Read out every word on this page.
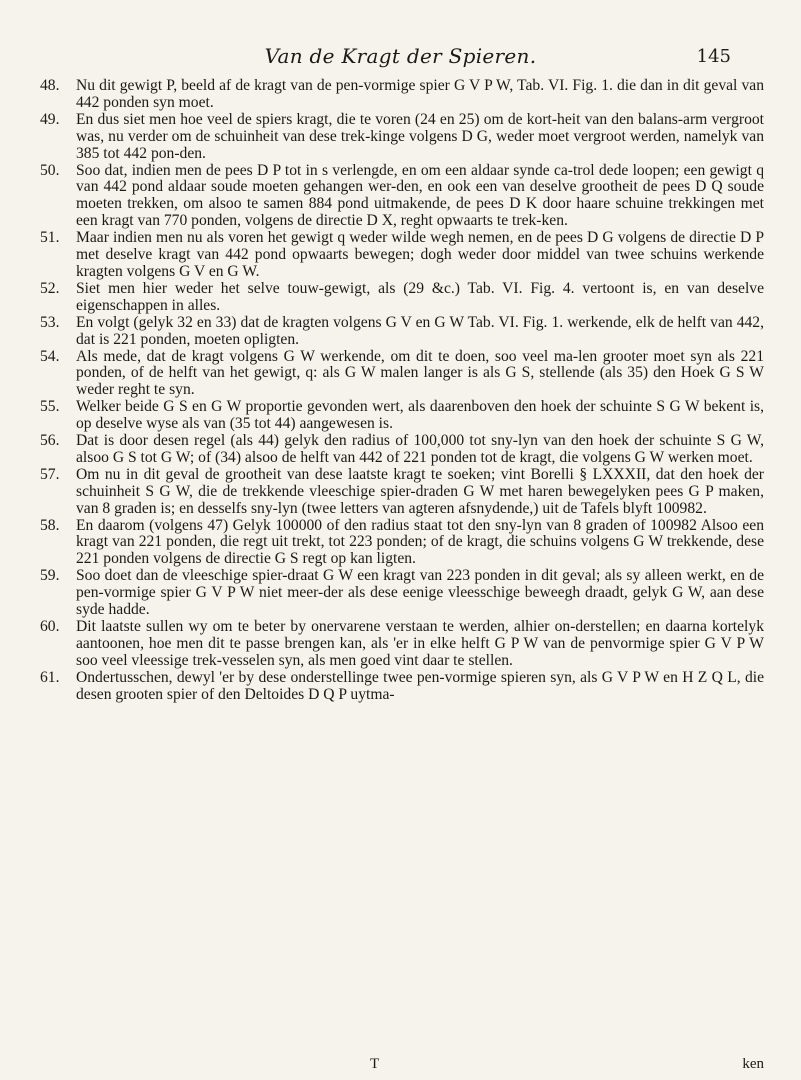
Van de Kragt der Spieren.	145

48. Nu dit gewigt P, beeld af de kragt van de pen-vormige spier G V P W, Tab. VI. Fig. 1. die dan in dit geval van 442 ponden syn moet.

49. En dus siet men hoe veel de spiers kragt, die te voren (24 en 25) om de kort-heit van den balans-arm vergroot was, nu verder om de schuinheit van dese trek-kinge volgens D G, weder moet vergroot werden, namelyk van 385 tot 442 pon-den.

50. Soo dat, indien men de pees D P tot in s verlengde, en om een aldaar synde ca-trol dede loopen; een gewigt q van 442 pond aldaar soude moeten gehangen wer-den, en ook een van deselve grootheit de pees D Q soude moeten trekken, om alsoo te samen 884 pond uitmakende, de pees D K door haare schuine trekkingen met een kragt van 770 ponden, volgens de directie D X, reght opwaarts te trek-ken.

51. Maar indien men nu als voren het gewigt q weder wilde wegh nemen, en de pees D G volgens de directie D P met deselve kragt van 442 pond opwaarts bewegen; dogh weder door middel van twee schuins werkende kragten volgens G V en G W.

52. Siet men hier weder het selve touw-gewigt, als (29 &c.) Tab. VI. Fig. 4. vertoont is, en van deselve eigenschappen in alles.

53. En volgt (gelyk 32 en 33) dat de kragten volgens G V en G W Tab. VI. Fig. 1. werkende, elk de helft van 442, dat is 221 ponden, moeten opligten.

54. Als mede, dat de kragt volgens G W werkende, om dit te doen, soo veel ma-len grooter moet syn als 221 ponden, of de helft van het gewigt, q: als G W malen langer is als G S, stellende (als 35) den Hoek G S W weder reght te syn.

55. Welker beide G S en G W proportie gevonden wert, als daarenboven den hoek der schuinte S G W bekent is, op deselve wyse als van (35 tot 44) aangewesen is.

56. Dat is door desen regel (als 44) gelyk den radius of 100,000 tot sny-lyn van den hoek der schuinte S G W, alsoo G S tot G W; of (34) alsoo de helft van 442 of 221 ponden tot de kragt, die volgens G W werken moet.

57. Om nu in dit geval de grootheit van dese laatste kragt te soeken; vint Borelli § LXXXII, dat den hoek der schuinheit S G W, die de trekkende vleeschige spier-draden G W met haren bewegelyken pees G P maken, van 8 graden is; en desselfs sny-lyn (twee letters van agteren afsnydende,) uit de Tafels blyft 100982.

58. En daarom (volgens 47) Gelyk 100000 of den radius staat tot den sny-lyn van 8 graden of 100982 Alsoo een kragt van 221 ponden, die regt uit trekt, tot 223 ponden; of de kragt, die schuins volgens G W trekkende, dese 221 ponden volgens de directie G S regt op kan ligten.

59. Soo doet dan de vleeschige spier-draat G W een kragt van 223 ponden in dit geval; als sy alleen werkt, en de pen-vormige spier G V P W niet meer-der als dese eenige vleesschige beweegh draadt, gelyk G W, aan dese syde hadde.

60. Dit laatste sullen wy om te beter by onervarene verstaan te werden, alhier on-derstellen; en daarna kortelyk aantoonen, hoe men dit te passe brengen kan, als 'er in elke helft G P W van de penvormige spier G V P W soo veel vleessige trek-vesselen syn, als men goed vint daar te stellen.

61. Ondertusschen, dewyl 'er by dese onderstellinge twee pen-vormige spieren syn, als G V P W en H Z Q L, die desen grooten spier of den Deltoides D Q P uytma-

T	ken
